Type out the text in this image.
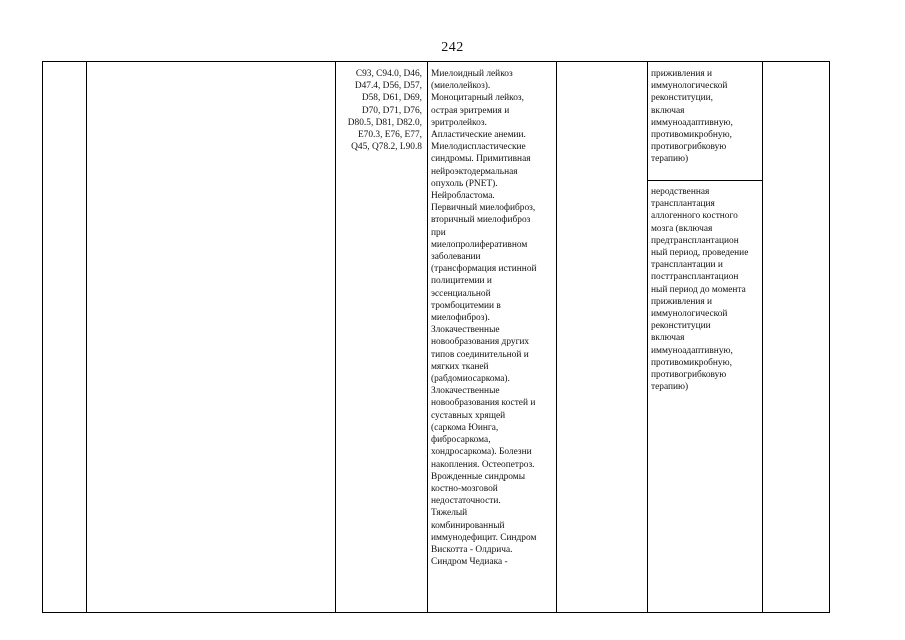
242
C93, C94.0, D46,
D47.4, D56, D57,
D58, D61, D69,
D70, D71, D76,
D80.5, D81, D82.0,
E70.3, E76, E77,
Q45, Q78.2, L90.8
Миелоидный лейкоз
(миелолейкоз).
Моноцитарный лейкоз,
острая эритремия и
эритролейкоз.
Апластические анемии.
Миелодиспластические
синдромы. Примитивная
нейроэктодермальная
опухоль (PNET).
Нейробластома.
Первичный миелофиброз,
вторичный миелофиброз
при
миелопролиферативном
заболевании
(трансформация истинной
полицитемии и
эссенциальной
тромбоцитемии в
миелофиброз).
Злокачественные
новообразования других
типов соединительной и
мягких тканей
(рабдомиосаркома).
Злокачественные
новообразования костей и
суставных хрящей
(саркома Юинга,
фибросаркома,
хондросаркома). Болезни
накопления. Остеопетроз.
Врожденные синдромы
костно-мозговой
недостаточности.
Тяжелый
комбинированный
иммунодефицит. Синдром
Вискотта - Олдрича.
Синдром Чедиака -
приживления и
иммунологической
реконституции,
включая
иммуноадаптивную,
противомикробную,
противогрибковую
терапию)
неродственная
трансплантация
аллогенного костного
мозга (включая
предтрансплантацион
ный период, проведение
трансплантации и
посттрансплантацион
ный период до момента
приживления и
иммунологической
реконституции
включая
иммуноадаптивную,
противомикробную,
противогрибковую
терапию)
